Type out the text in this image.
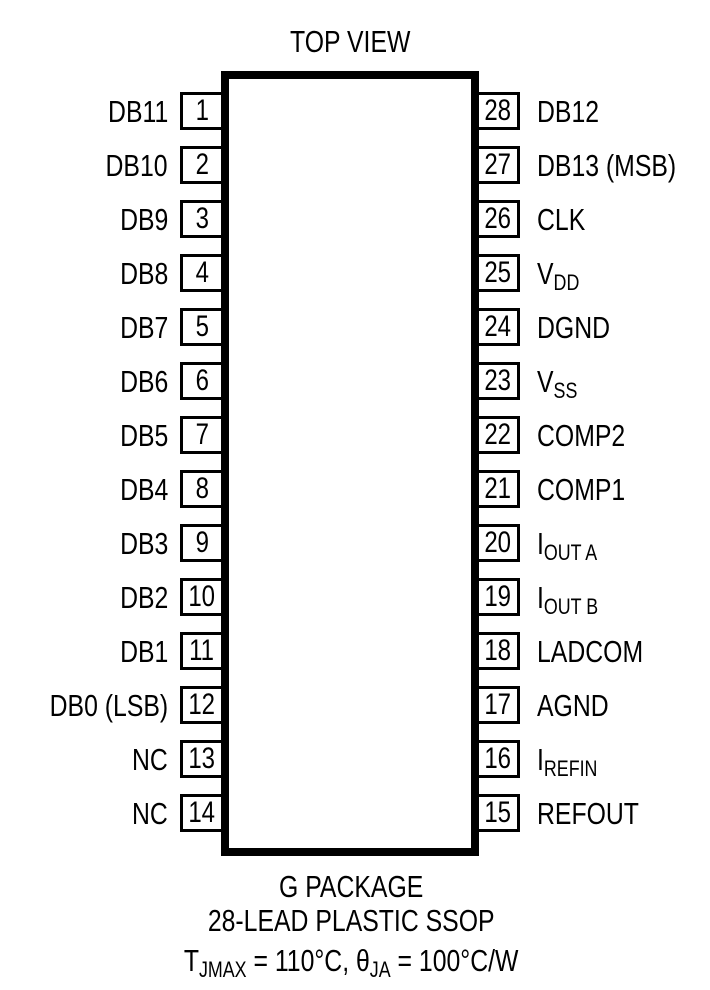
TOP VIEW
DB11 1
DB10 2
DB9 3
DB8 4
DB7 5
DB6 6
DB5 7
DB4 8
DB3 9
DB2 10
DB1 11
DB0 (LSB) 12
NC 13
NC 14
DB12
28
DB13 (MSB)
27
CLK
26
$V_{DD}$
25
DGND
24
$V_{SS}$
23
COMP2
22
COMP1
21
$I_{OUT A}$
20
$I_{OUT B}$
19
LADCOM
18
AGND
17
$I_{REFIN}$
16
REFOUT
15
G PACKAGE
28-LEAD PLASTIC SSOP
$T_{JMAX} = 110^\circ C$, $\theta_{JA} = 100^\circ C/W$
